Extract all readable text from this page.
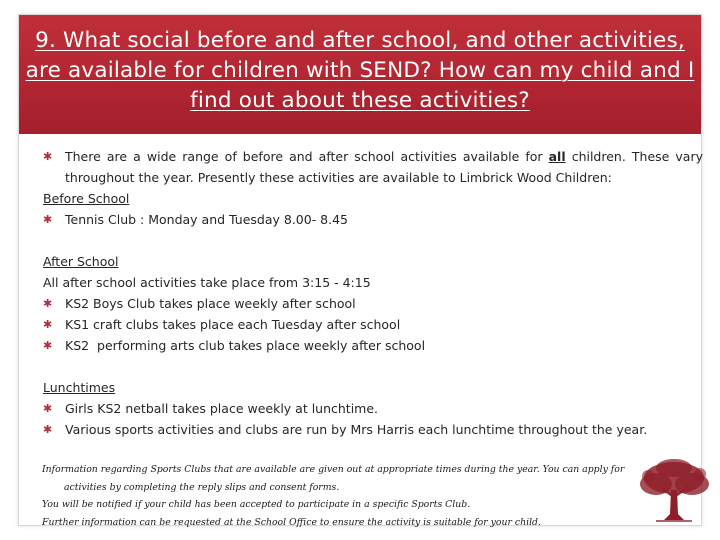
9. What social before and after school, and other activities, are available for children with SEND? How can my child and I find out about these activities?
✱ There are a wide range of before and after school activities available for all children. These vary throughout the year. Presently these activities are available to Limbrick Wood Children:
Before School
✱ Tennis Club : Monday and Tuesday 8.00- 8.45
After School
All after school activities take place from 3:15 - 4:15
✱ KS2 Boys Club takes place weekly after school
✱ KS1 craft clubs takes place each Tuesday after school
✱ KS2  performing arts club takes place weekly after school
Lunchtimes
✱ Girls KS2 netball takes place weekly at lunchtime.
✱ Various sports activities and clubs are run by Mrs Harris each lunchtime throughout the year.
Information regarding Sports Clubs that are available are given out at appropriate times during the year. You can apply for
activities by completing the reply slips and consent forms.
You will be notified if your child has been accepted to participate in a specific Sports Club.
Further information can be requested at the School Office to ensure the activity is suitable for your child.
